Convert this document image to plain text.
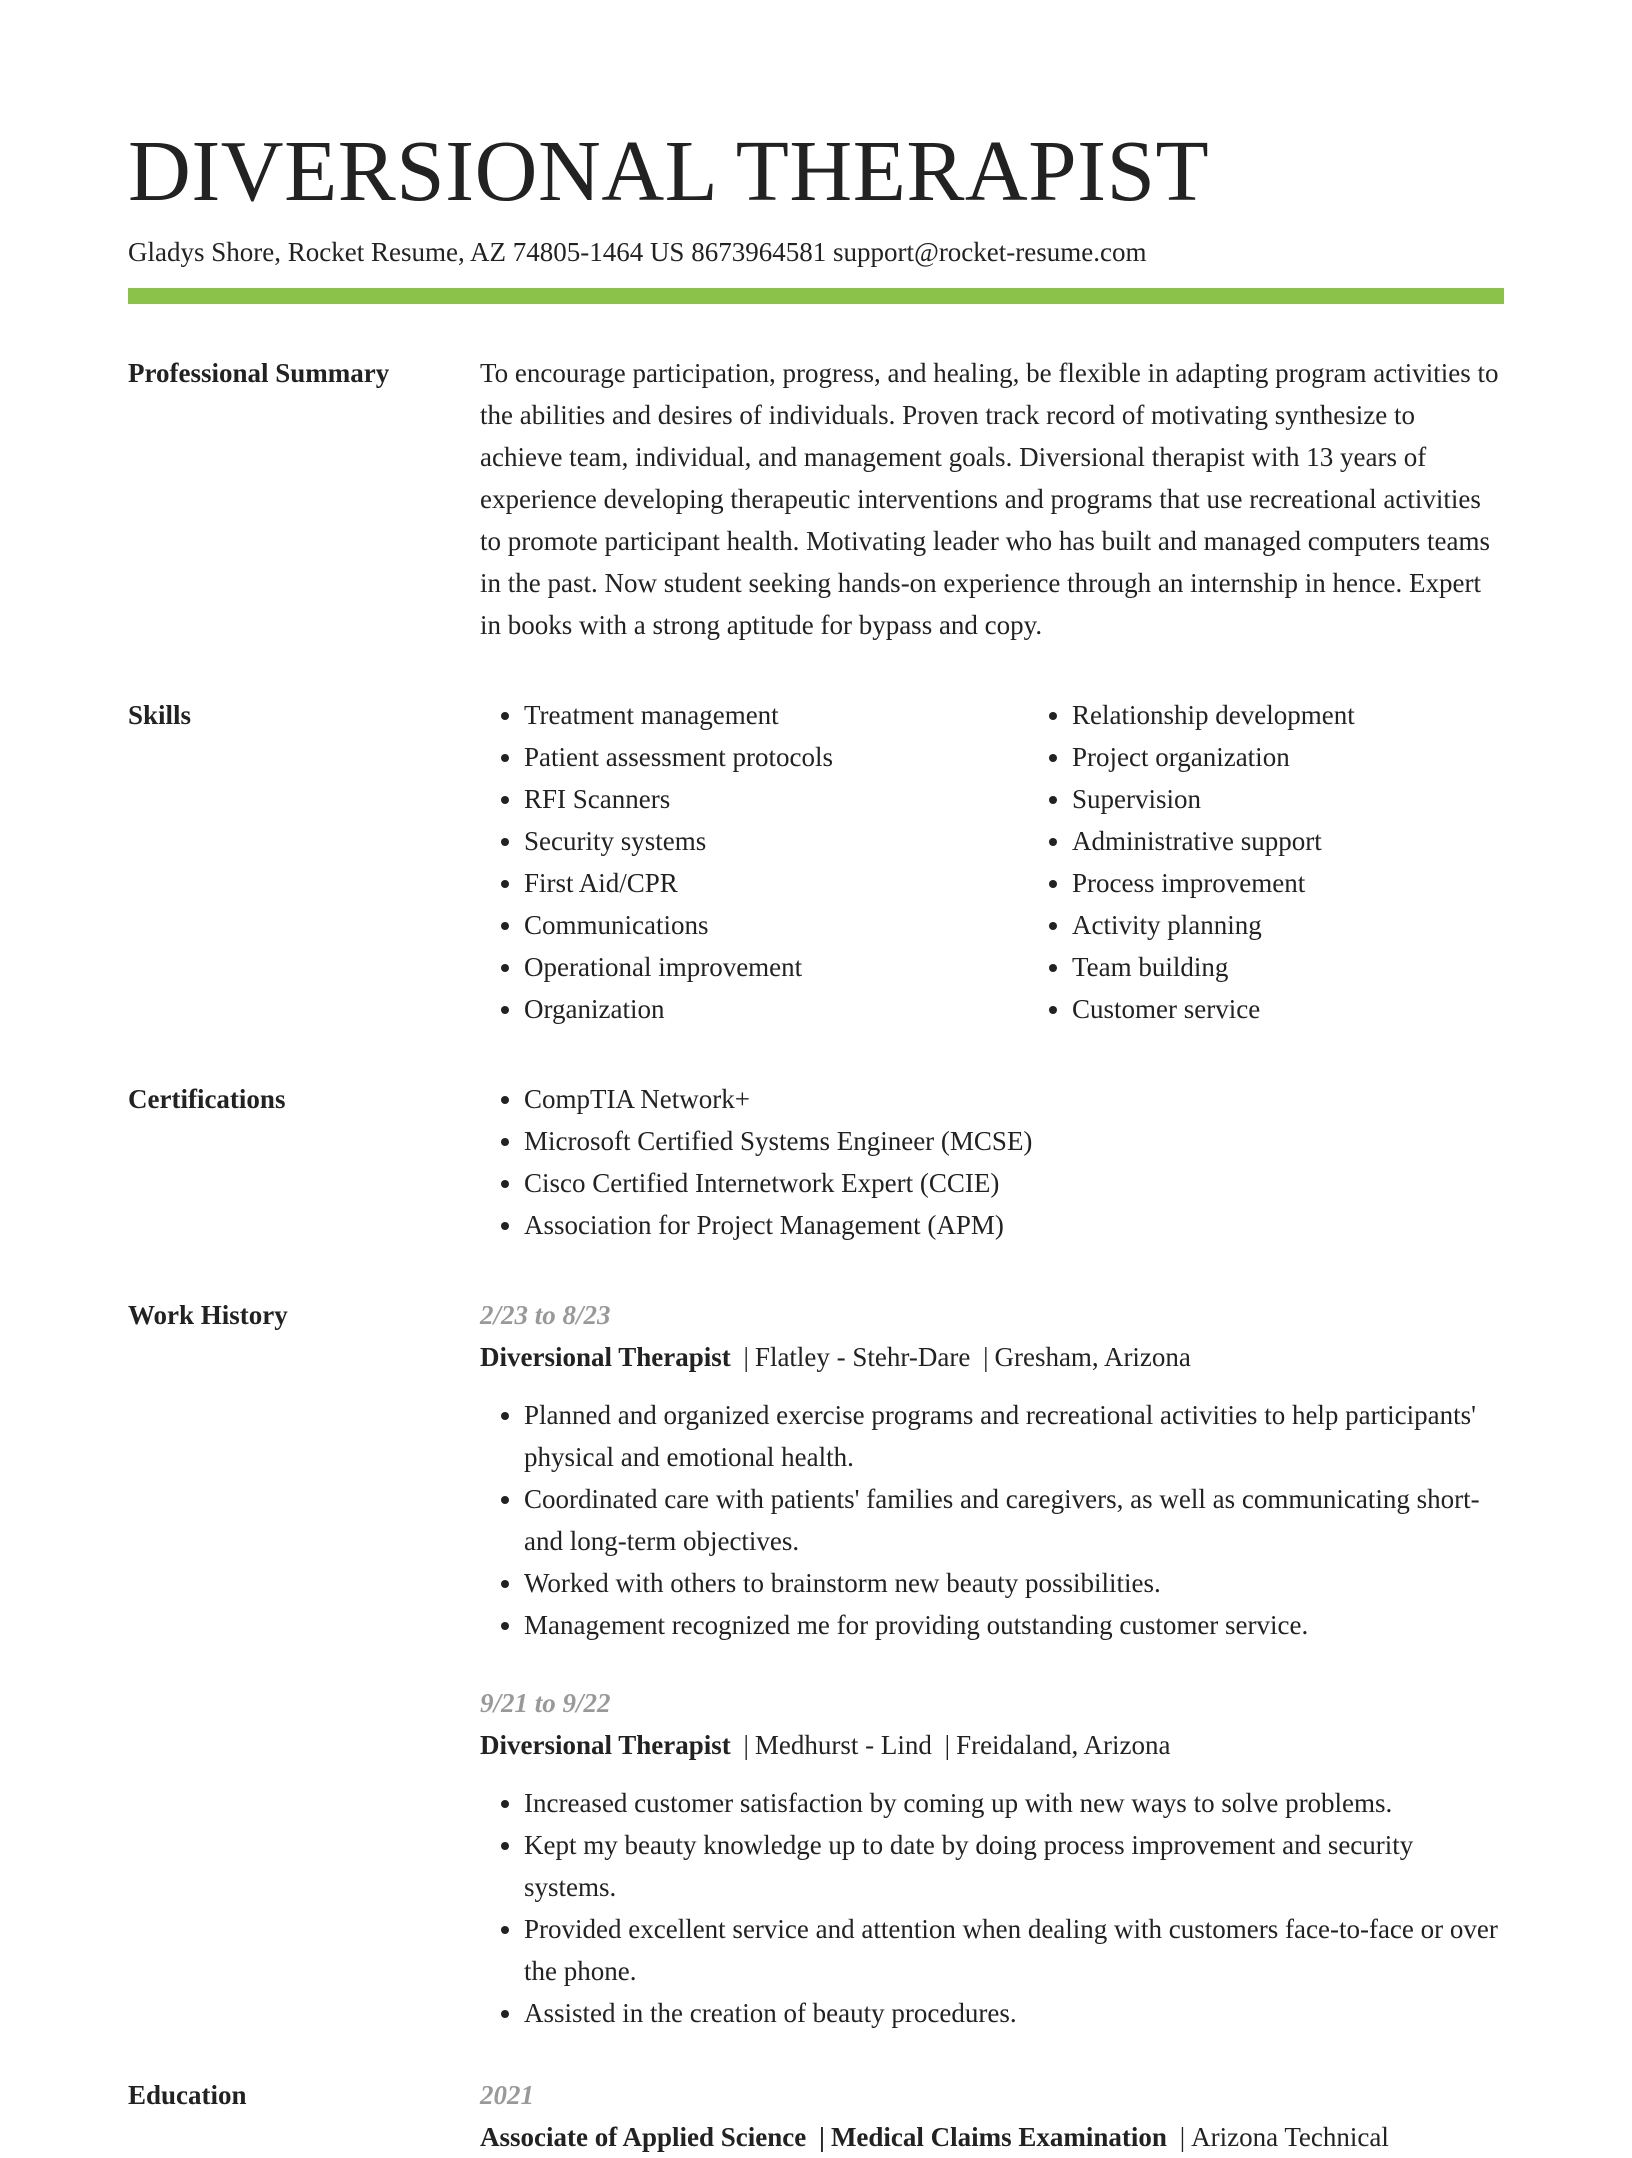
DIVERSIONAL THERAPIST
Gladys Shore, Rocket Resume, AZ 74805-1464 US 8673964581 support@rocket-resume.com
Professional Summary	To encourage participation, progress, and healing, be flexible in adapting program activities to the abilities and desires of individuals. Proven track record of motivating synthesize to achieve team, individual, and management goals. Diversional therapist with 13 years of experience developing therapeutic interventions and programs that use recreational activities to promote participant health. Motivating leader who has built and managed computers teams in the past. Now student seeking hands-on experience through an internship in hence. Expert in books with a strong aptitude for bypass and copy.

Skills	• Treatment management
• Patient assessment protocols
• RFI Scanners
• Security systems
• First Aid/CPR
• Communications
• Operational improvement
• Organization
• Relationship development
• Project organization
• Supervision
• Administrative support
• Process improvement
• Activity planning
• Team building
• Customer service
Certifications	• CompTIA Network+
• Microsoft Certified Systems Engineer (MCSE)
• Cisco Certified Internetwork Expert (CCIE)
• Association for Project Management (APM)
Work History	2/23 to 8/23
Diversional Therapist | Flatley - Stehr-Dare | Gresham, Arizona
• Planned and organized exercise programs and recreational activities to help participants' physical and emotional health.
• Coordinated care with patients' families and caregivers, as well as communicating short- and long-term objectives.
• Worked with others to brainstorm new beauty possibilities.
• Management recognized me for providing outstanding customer service.
9/21 to 9/22
Diversional Therapist | Medhurst - Lind | Freidaland, Arizona
• Increased customer satisfaction by coming up with new ways to solve problems.
• Kept my beauty knowledge up to date by doing process improvement and security systems.
• Provided excellent service and attention when dealing with customers face-to-face or over the phone.
• Assisted in the creation of beauty procedures.
Education	2021
Associate of Applied Science | Medical Claims Examination | Arizona Technical
